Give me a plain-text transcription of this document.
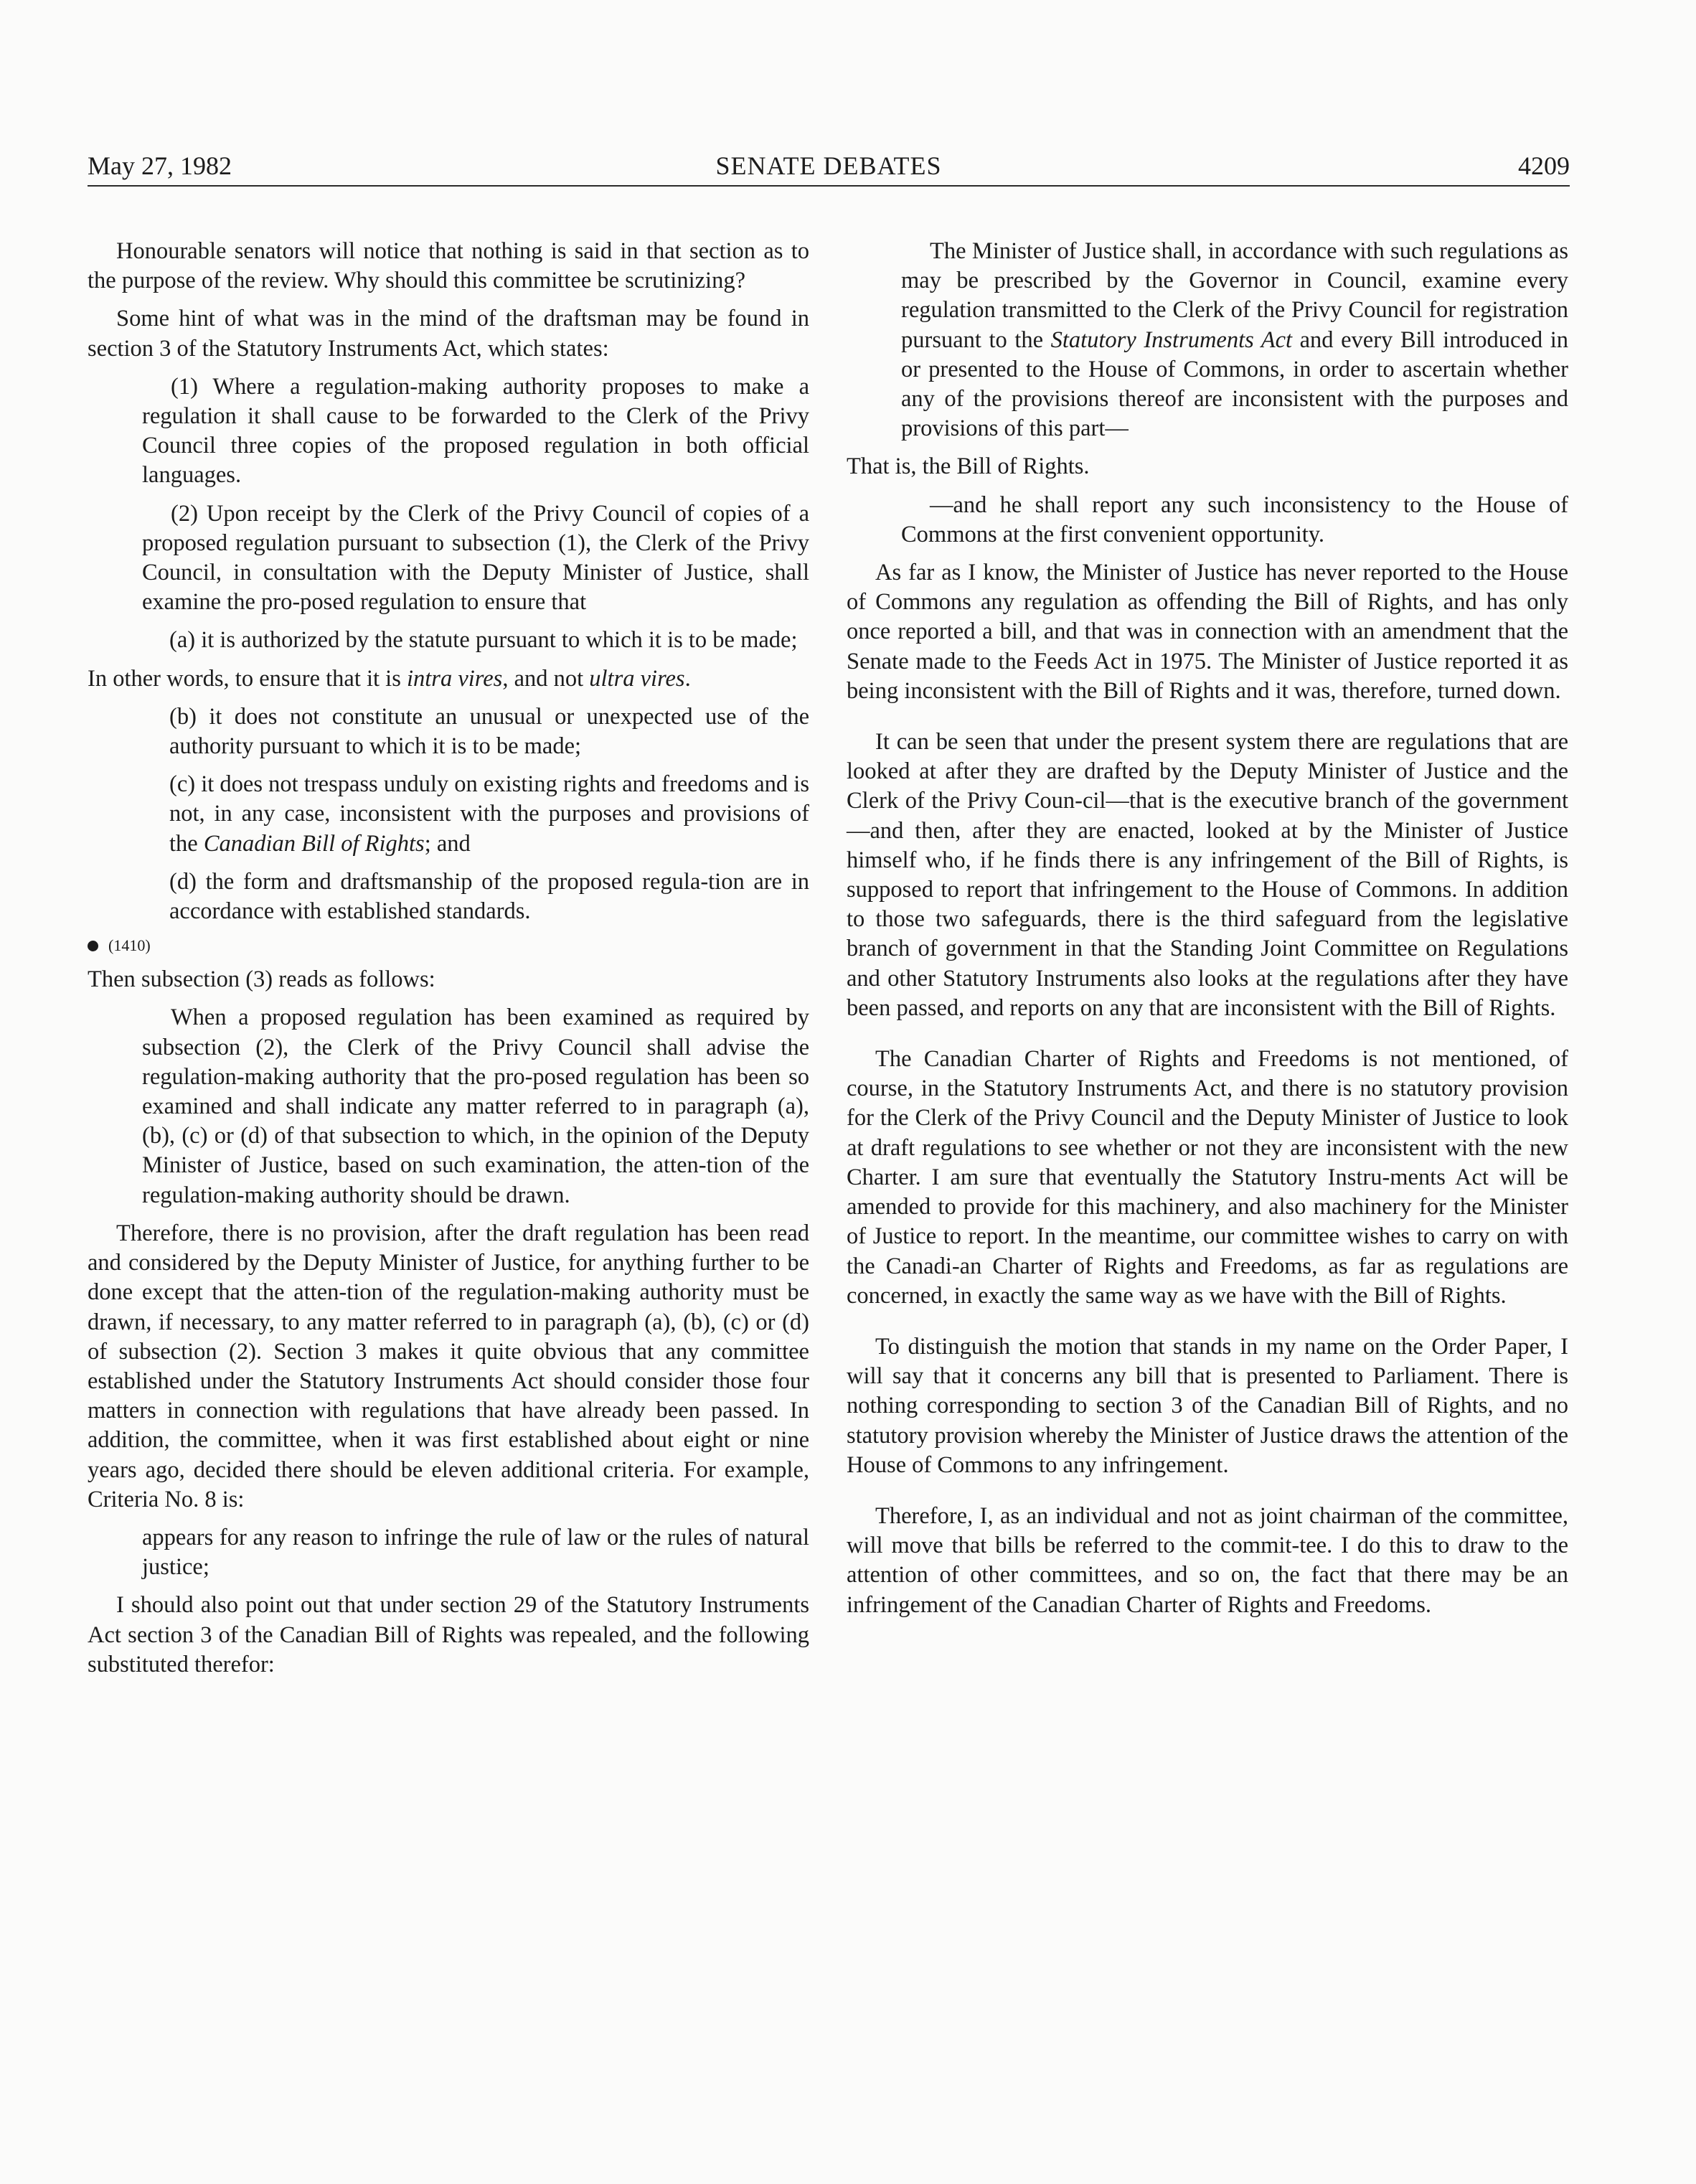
May 27, 1982	SENATE DEBATES	4209

Honourable senators will notice that nothing is said in that section as to the purpose of the review. Why should this committee be scrutinizing?

Some hint of what was in the mind of the draftsman may be found in section 3 of the Statutory Instruments Act, which states:

(1) Where a regulation-making authority proposes to make a regulation it shall cause to be forwarded to the Clerk of the Privy Council three copies of the proposed regulation in both official languages.

(2) Upon receipt by the Clerk of the Privy Council of copies of a proposed regulation pursuant to subsection (1), the Clerk of the Privy Council, in consultation with the Deputy Minister of Justice, shall examine the pro-posed regulation to ensure that

(a) it is authorized by the statute pursuant to which it is to be made;

In other words, to ensure that it is intra vires, and not ultra vires.

(b) it does not constitute an unusual or unexpected use of the authority pursuant to which it is to be made;

(c) it does not trespass unduly on existing rights and freedoms and is not, in any case, inconsistent with the purposes and provisions of the Canadian Bill of Rights; and

(d) the form and draftsmanship of the proposed regula-tion are in accordance with established standards.

(1410)

Then subsection (3) reads as follows:

When a proposed regulation has been examined as required by subsection (2), the Clerk of the Privy Council shall advise the regulation-making authority that the pro-posed regulation has been so examined and shall indicate any matter referred to in paragraph (a), (b), (c) or (d) of that subsection to which, in the opinion of the Deputy Minister of Justice, based on such examination, the atten-tion of the regulation-making authority should be drawn.

Therefore, there is no provision, after the draft regulation has been read and considered by the Deputy Minister of Justice, for anything further to be done except that the atten-tion of the regulation-making authority must be drawn, if necessary, to any matter referred to in paragraph (a), (b), (c) or (d) of subsection (2). Section 3 makes it quite obvious that any committee established under the Statutory Instruments Act should consider those four matters in connection with regulations that have already been passed. In addition, the committee, when it was first established about eight or nine years ago, decided there should be eleven additional criteria. For example, Criteria No. 8 is:

appears for any reason to infringe the rule of law or the rules of natural justice;

I should also point out that under section 29 of the Statutory Instruments Act section 3 of the Canadian Bill of Rights was repealed, and the following substituted therefor:

The Minister of Justice shall, in accordance with such regulations as may be prescribed by the Governor in Council, examine every regulation transmitted to the Clerk of the Privy Council for registration pursuant to the Statutory Instruments Act and every Bill introduced in or presented to the House of Commons, in order to ascertain whether any of the provisions thereof are inconsistent with the purposes and provisions of this part—

That is, the Bill of Rights.

—and he shall report any such inconsistency to the House of Commons at the first convenient opportunity.

As far as I know, the Minister of Justice has never reported to the House of Commons any regulation as offending the Bill of Rights, and has only once reported a bill, and that was in connection with an amendment that the Senate made to the Feeds Act in 1975. The Minister of Justice reported it as being inconsistent with the Bill of Rights and it was, therefore, turned down.

It can be seen that under the present system there are regulations that are looked at after they are drafted by the Deputy Minister of Justice and the Clerk of the Privy Coun-cil—that is the executive branch of the government—and then, after they are enacted, looked at by the Minister of Justice himself who, if he finds there is any infringement of the Bill of Rights, is supposed to report that infringement to the House of Commons. In addition to those two safeguards, there is the third safeguard from the legislative branch of government in that the Standing Joint Committee on Regulations and other Statutory Instruments also looks at the regulations after they have been passed, and reports on any that are inconsistent with the Bill of Rights.

The Canadian Charter of Rights and Freedoms is not mentioned, of course, in the Statutory Instruments Act, and there is no statutory provision for the Clerk of the Privy Council and the Deputy Minister of Justice to look at draft regulations to see whether or not they are inconsistent with the new Charter. I am sure that eventually the Statutory Instru-ments Act will be amended to provide for this machinery, and also machinery for the Minister of Justice to report. In the meantime, our committee wishes to carry on with the Canadi-an Charter of Rights and Freedoms, as far as regulations are concerned, in exactly the same way as we have with the Bill of Rights.

To distinguish the motion that stands in my name on the Order Paper, I will say that it concerns any bill that is presented to Parliament. There is nothing corresponding to section 3 of the Canadian Bill of Rights, and no statutory provision whereby the Minister of Justice draws the attention of the House of Commons to any infringement.

Therefore, I, as an individual and not as joint chairman of the committee, will move that bills be referred to the commit-tee. I do this to draw to the attention of other committees, and so on, the fact that there may be an infringement of the Canadian Charter of Rights and Freedoms.
